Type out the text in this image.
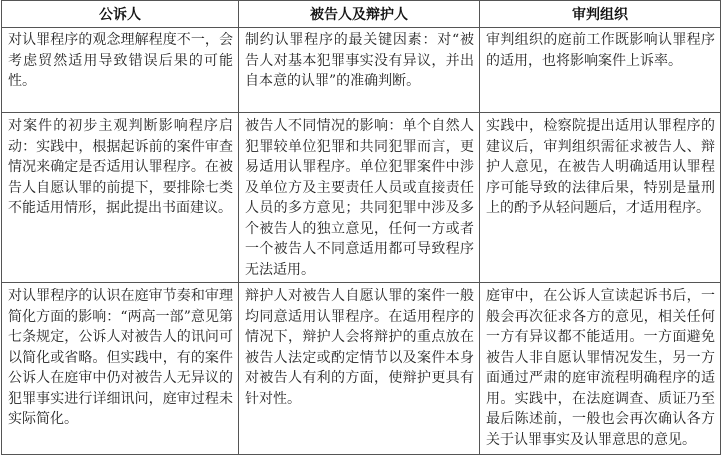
公诉人	被告人及辩护人	审判组织
对认罪程序的观念理解程度不一，会考虑贸然适用导致错误后果的可能性。	制约认罪程序的最关键因素：对“被告人对基本犯罪事实没有异议，并出自本意的认罪”的准确判断。	审判组织的庭前工作既影响认罪程序的适用，也将影响案件上诉率。
对案件的初步主观判断影响程序启动：实践中，根据起诉前的案件审查情况来确定是否适用认罪程序。在被告人自愿认罪的前提下，要排除七类不能适用情形，据此提出书面建议。	被告人不同情况的影响：单个自然人犯罪较单位犯罪和共同犯罪而言，更易适用认罪程序。单位犯罪案件中涉及单位方及主要责任人员或直接责任人员的多方意见；共同犯罪中涉及多个被告人的独立意见，任何一方或者一个被告人不同意适用都可导致程序无法适用。	实践中，检察院提出适用认罪程序的建议后，审判组织需征求被告人、辩护人意见，在被告人明确适用认罪程序可能导致的法律后果，特别是量刑上的酌予从轻问题后，才适用程序。
对认罪程序的认识在庭审节奏和审理简化方面的影响：“两高一部”意见第七条规定，公诉人对被告人的讯问可以简化或省略。但实践中，有的案件公诉人在庭审中仍对被告人无异议的犯罪事实进行详细讯问，庭审过程未实际简化。	辩护人对被告人自愿认罪的案件一般均同意适用认罪程序。在适用程序的情况下，辩护人会将辩护的重点放在被告人法定或酌定情节以及案件本身对被告人有利的方面，使辩护更具有针对性。	庭审中，在公诉人宣读起诉书后，一般会再次征求各方的意见，相关任何一方有异议都不能适用。一方面避免被告人非自愿认罪情况发生，另一方面通过严肃的庭审流程明确程序的适用。实践中，在法庭调查、质证乃至最后陈述前，一般也会再次确认各方关于认罪事实及认罪意思的意见。
